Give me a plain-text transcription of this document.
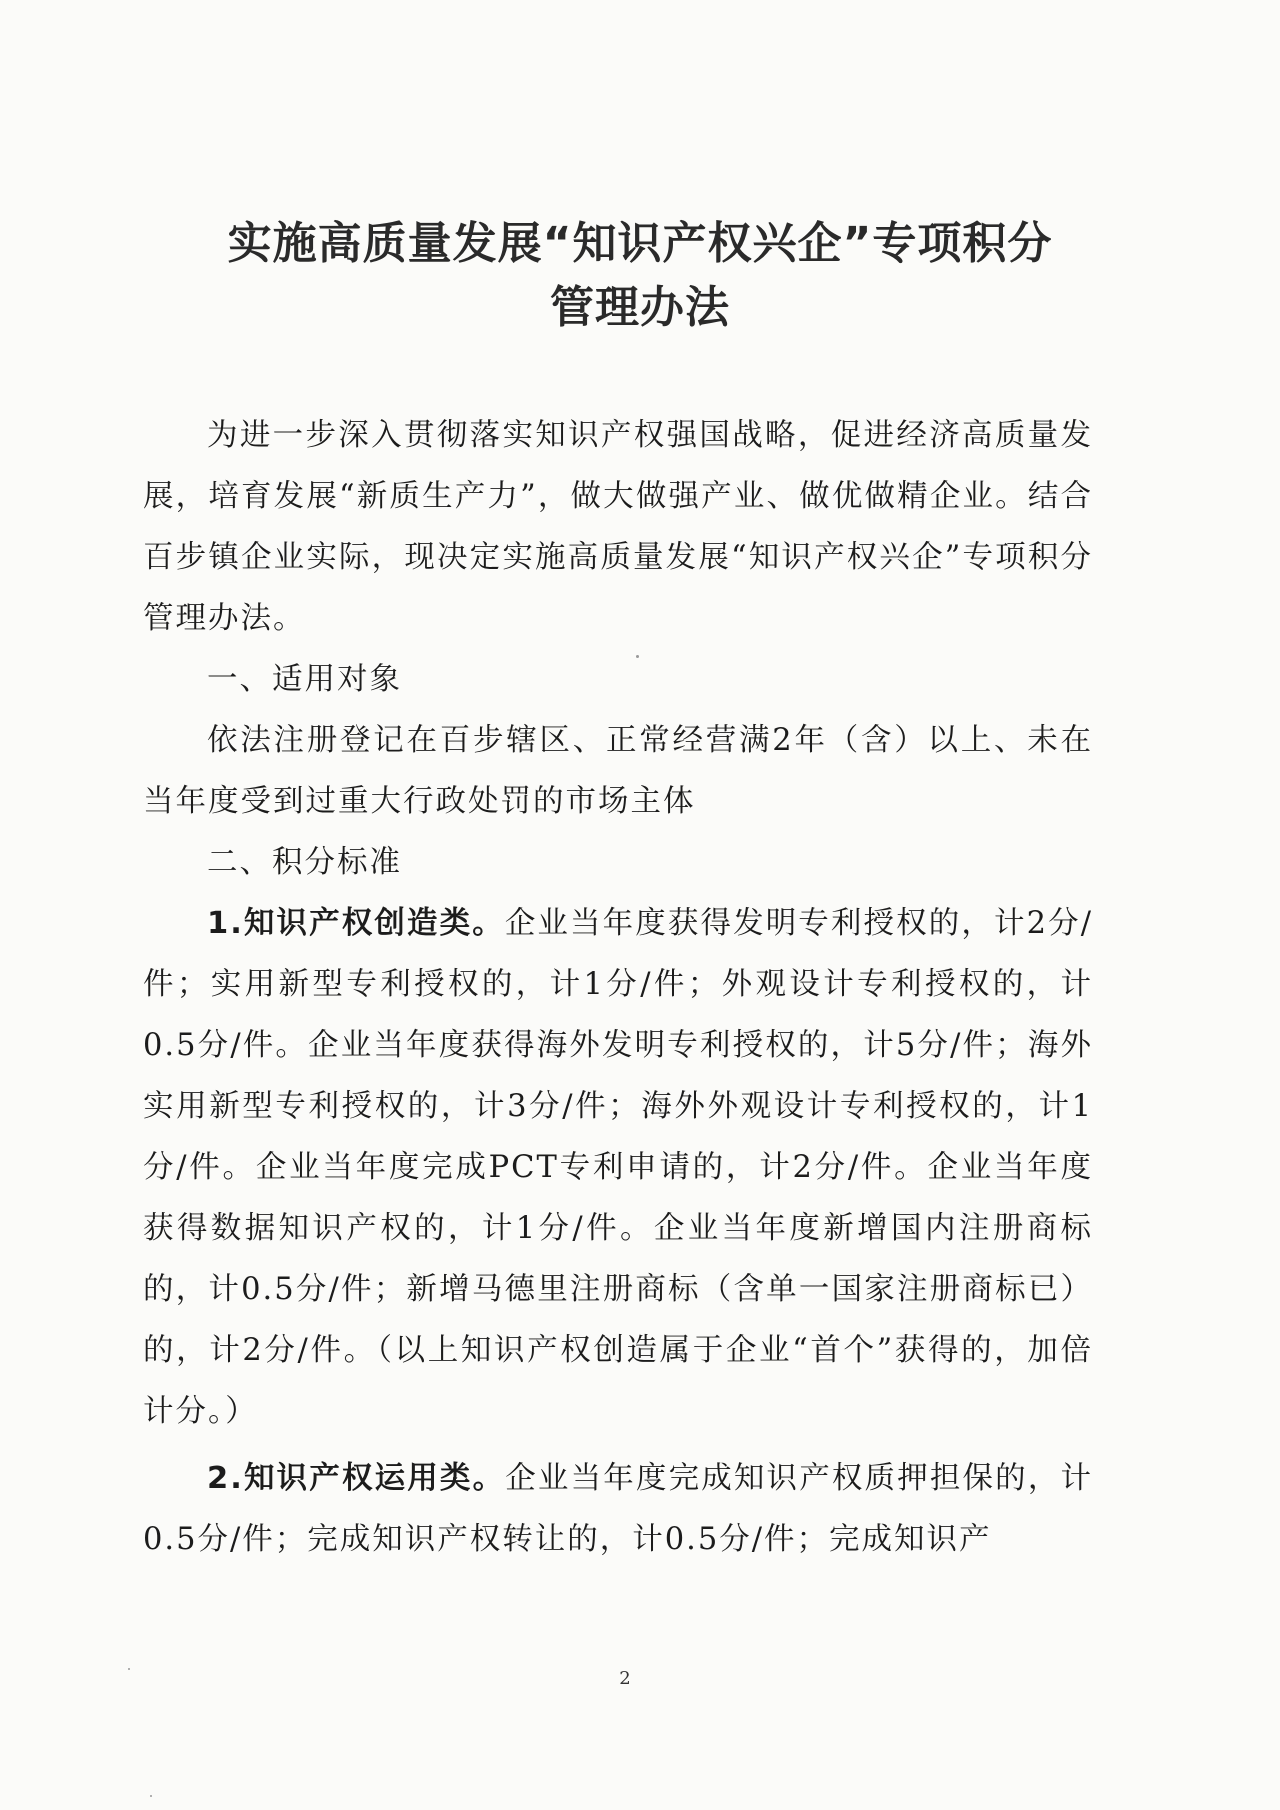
实施高质量发展“知识产权兴企”专项积分
管理办法

为进一步深入贯彻落实知识产权强国战略，促进经济高质量发展，培育发展“新质生产力”，做大做强产业、做优做精企业。结合百步镇企业实际，现决定实施高质量发展“知识产权兴企”专项积分管理办法。

一、适用对象

依法注册登记在百步辖区、正常经营满2年（含）以上、未在当年度受到过重大行政处罚的市场主体

二、积分标准

1.知识产权创造类。企业当年度获得发明专利授权的，计2分/件；实用新型专利授权的，计1分/件；外观设计专利授权的，计0.5分/件。企业当年度获得海外发明专利授权的，计5分/件；海外实用新型专利授权的，计3分/件；海外外观设计专利授权的，计1分/件。企业当年度完成PCT专利申请的，计2分/件。企业当年度获得数据知识产权的，计1分/件。企业当年度新增国内注册商标的，计0.5分/件；新增马德里注册商标（含单一国家注册商标已）的，计2分/件。（以上知识产权创造属于企业“首个”获得的，加倍计分。）

2.知识产权运用类。企业当年度完成知识产权质押担保的，计0.5分/件；完成知识产权转让的，计0.5分/件；完成知识产

2
